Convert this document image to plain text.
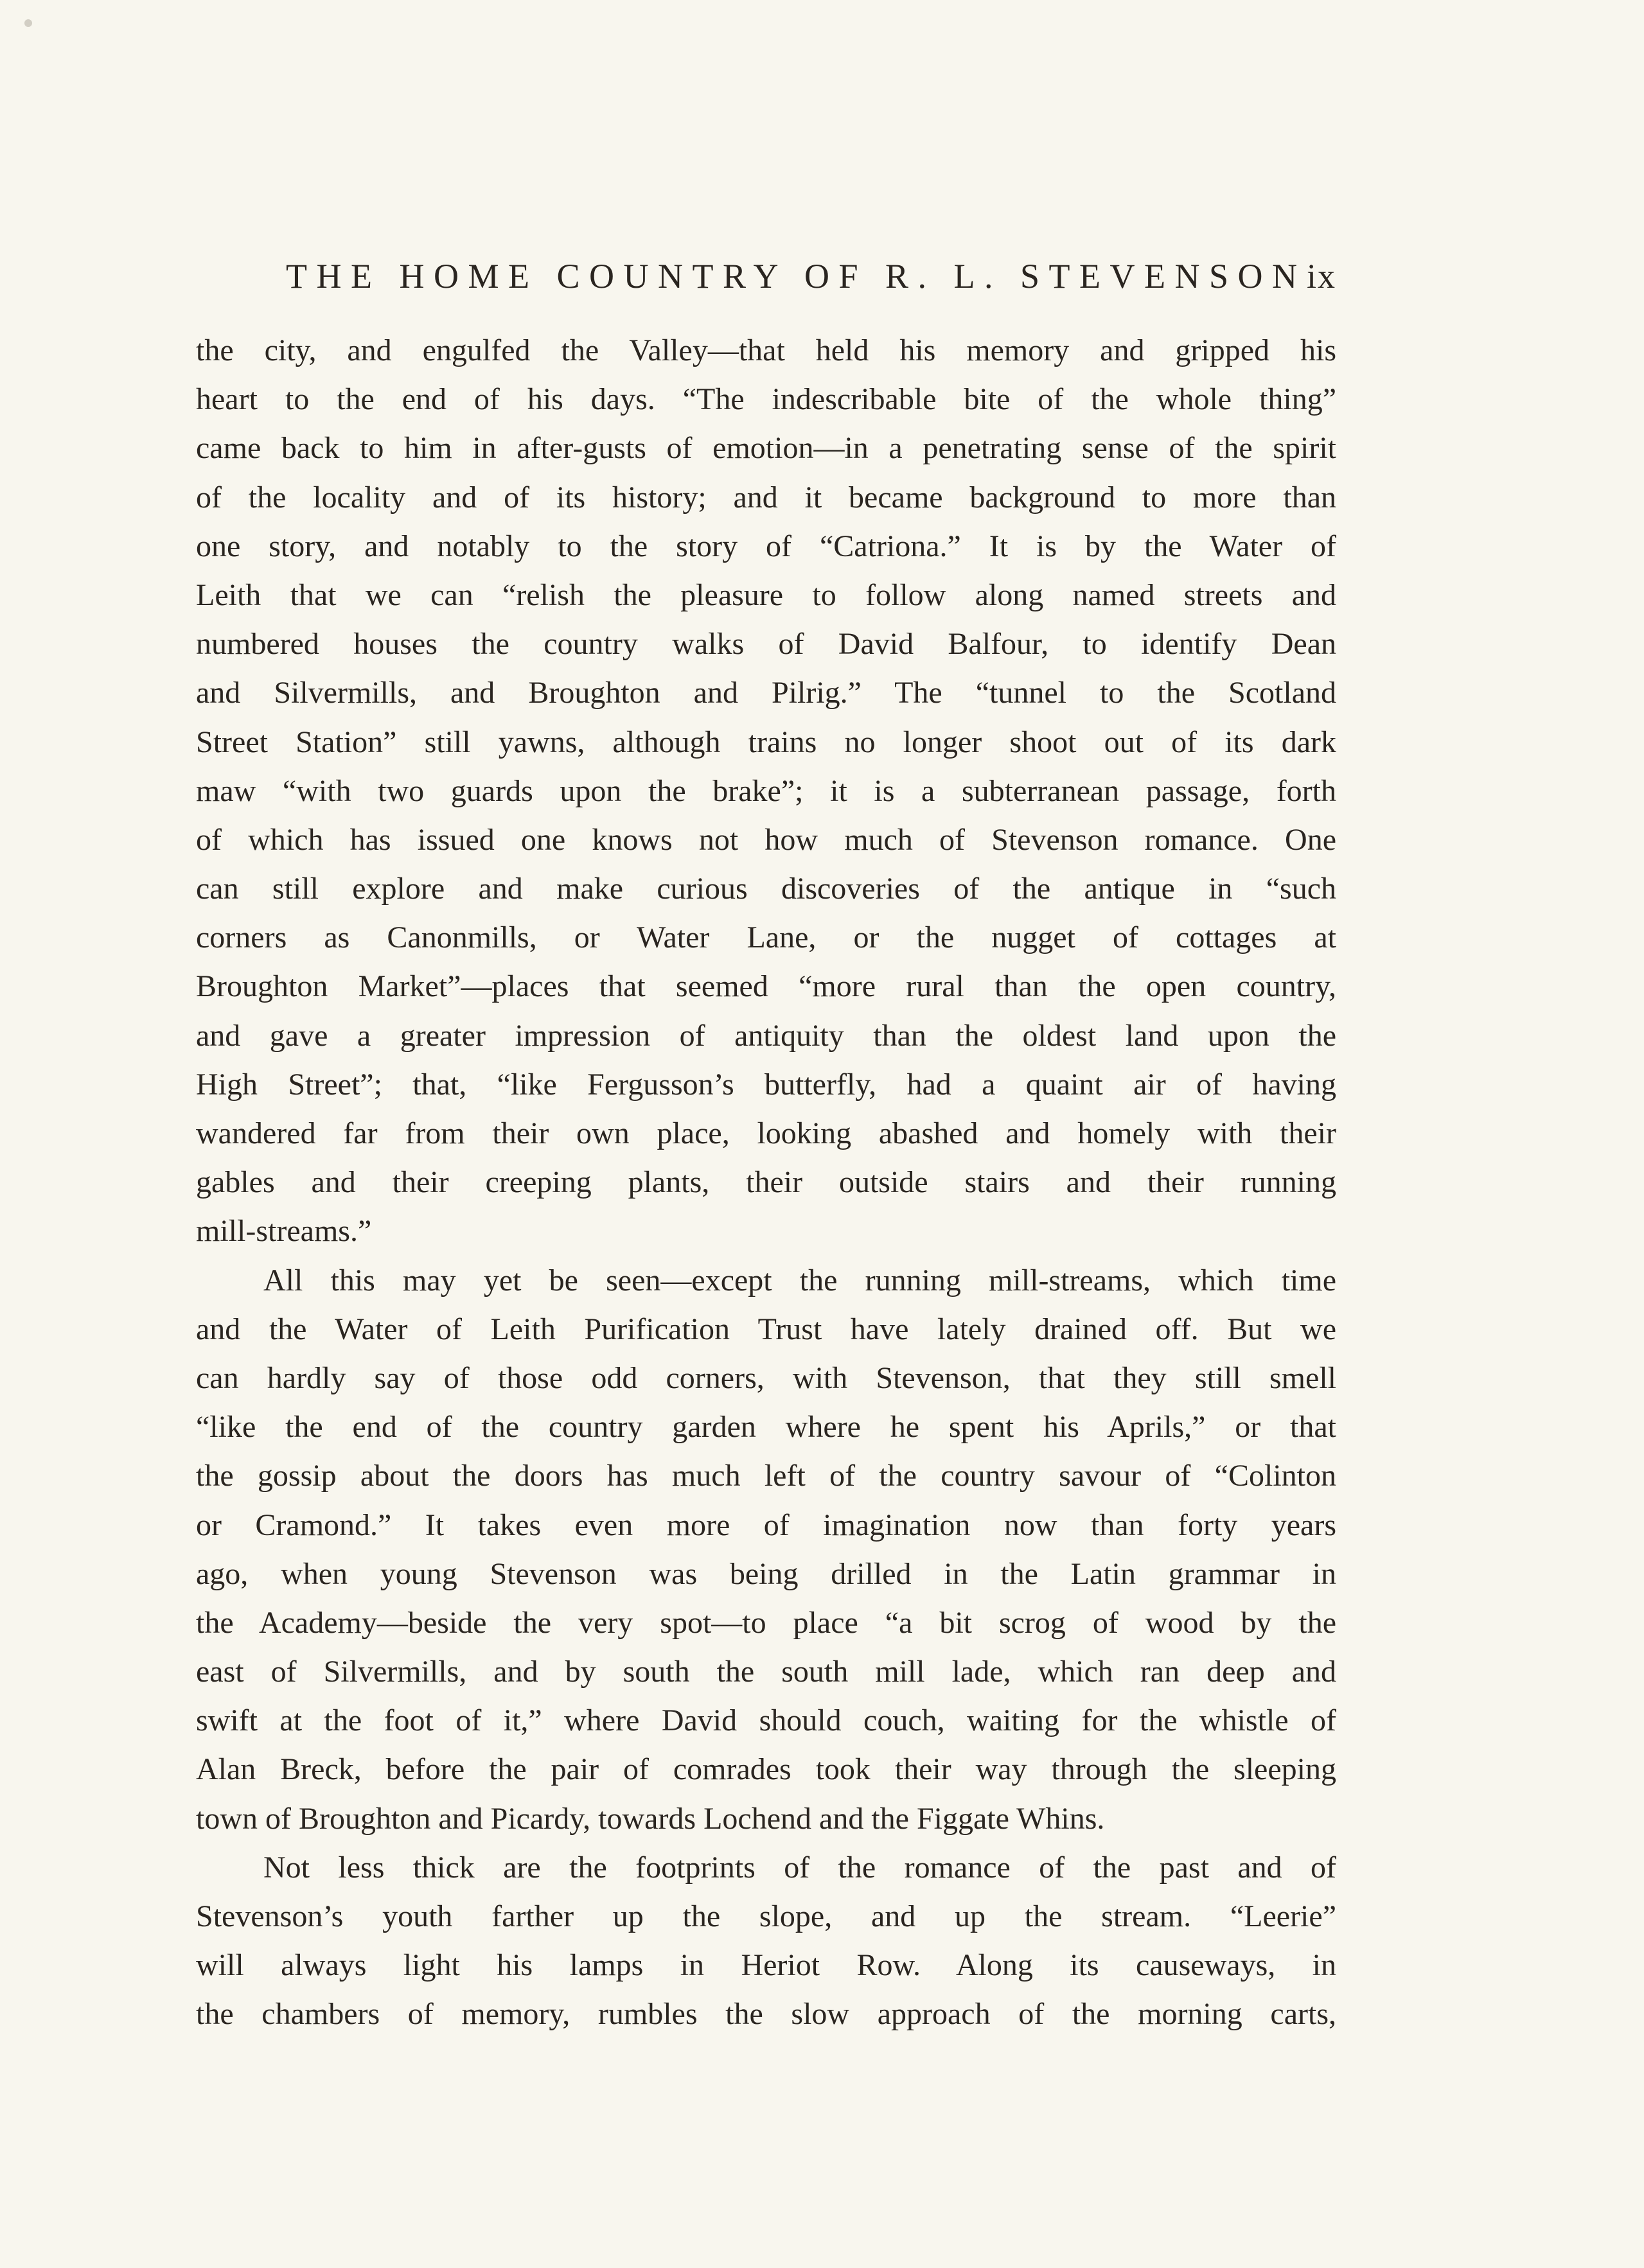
THE HOME COUNTRY OF R. L. STEVENSON ix
the city, and engulfed the Valley—that held his memory and gripped his
heart to the end of his days. “The indescribable bite of the whole thing”
came back to him in after-gusts of emotion—in a penetrating sense of the spirit
of the locality and of its history; and it became background to more than
one story, and notably to the story of “Catriona.” It is by the Water of
Leith that we can “relish the pleasure to follow along named streets and
numbered houses the country walks of David Balfour, to identify Dean
and Silvermills, and Broughton and Pilrig.” The “tunnel to the Scotland
Street Station” still yawns, although trains no longer shoot out of its dark
maw “with two guards upon the brake”; it is a subterranean passage, forth
of which has issued one knows not how much of Stevenson romance. One
can still explore and make curious discoveries of the antique in “such
corners as Canonmills, or Water Lane, or the nugget of cottages at
Broughton Market”—places that seemed “more rural than the open country,
and gave a greater impression of antiquity than the oldest land upon the
High Street”; that, “like Fergusson’s butterfly, had a quaint air of having
wandered far from their own place, looking abashed and homely with their
gables and their creeping plants, their outside stairs and their running
mill-streams.”
All this may yet be seen—except the running mill-streams, which time
and the Water of Leith Purification Trust have lately drained off. But we
can hardly say of those odd corners, with Stevenson, that they still smell
“like the end of the country garden where he spent his Aprils,” or that
the gossip about the doors has much left of the country savour of “Colinton
or Cramond.” It takes even more of imagination now than forty years
ago, when young Stevenson was being drilled in the Latin grammar in
the Academy—beside the very spot—to place “a bit scrog of wood by the
east of Silvermills, and by south the south mill lade, which ran deep and
swift at the foot of it,” where David should couch, waiting for the whistle of
Alan Breck, before the pair of comrades took their way through the sleeping
town of Broughton and Picardy, towards Lochend and the Figgate Whins.
Not less thick are the footprints of the romance of the past and of
Stevenson’s youth farther up the slope, and up the stream. “Leerie”
will always light his lamps in Heriot Row. Along its causeways, in
the chambers of memory, rumbles the slow approach of the morning carts,
